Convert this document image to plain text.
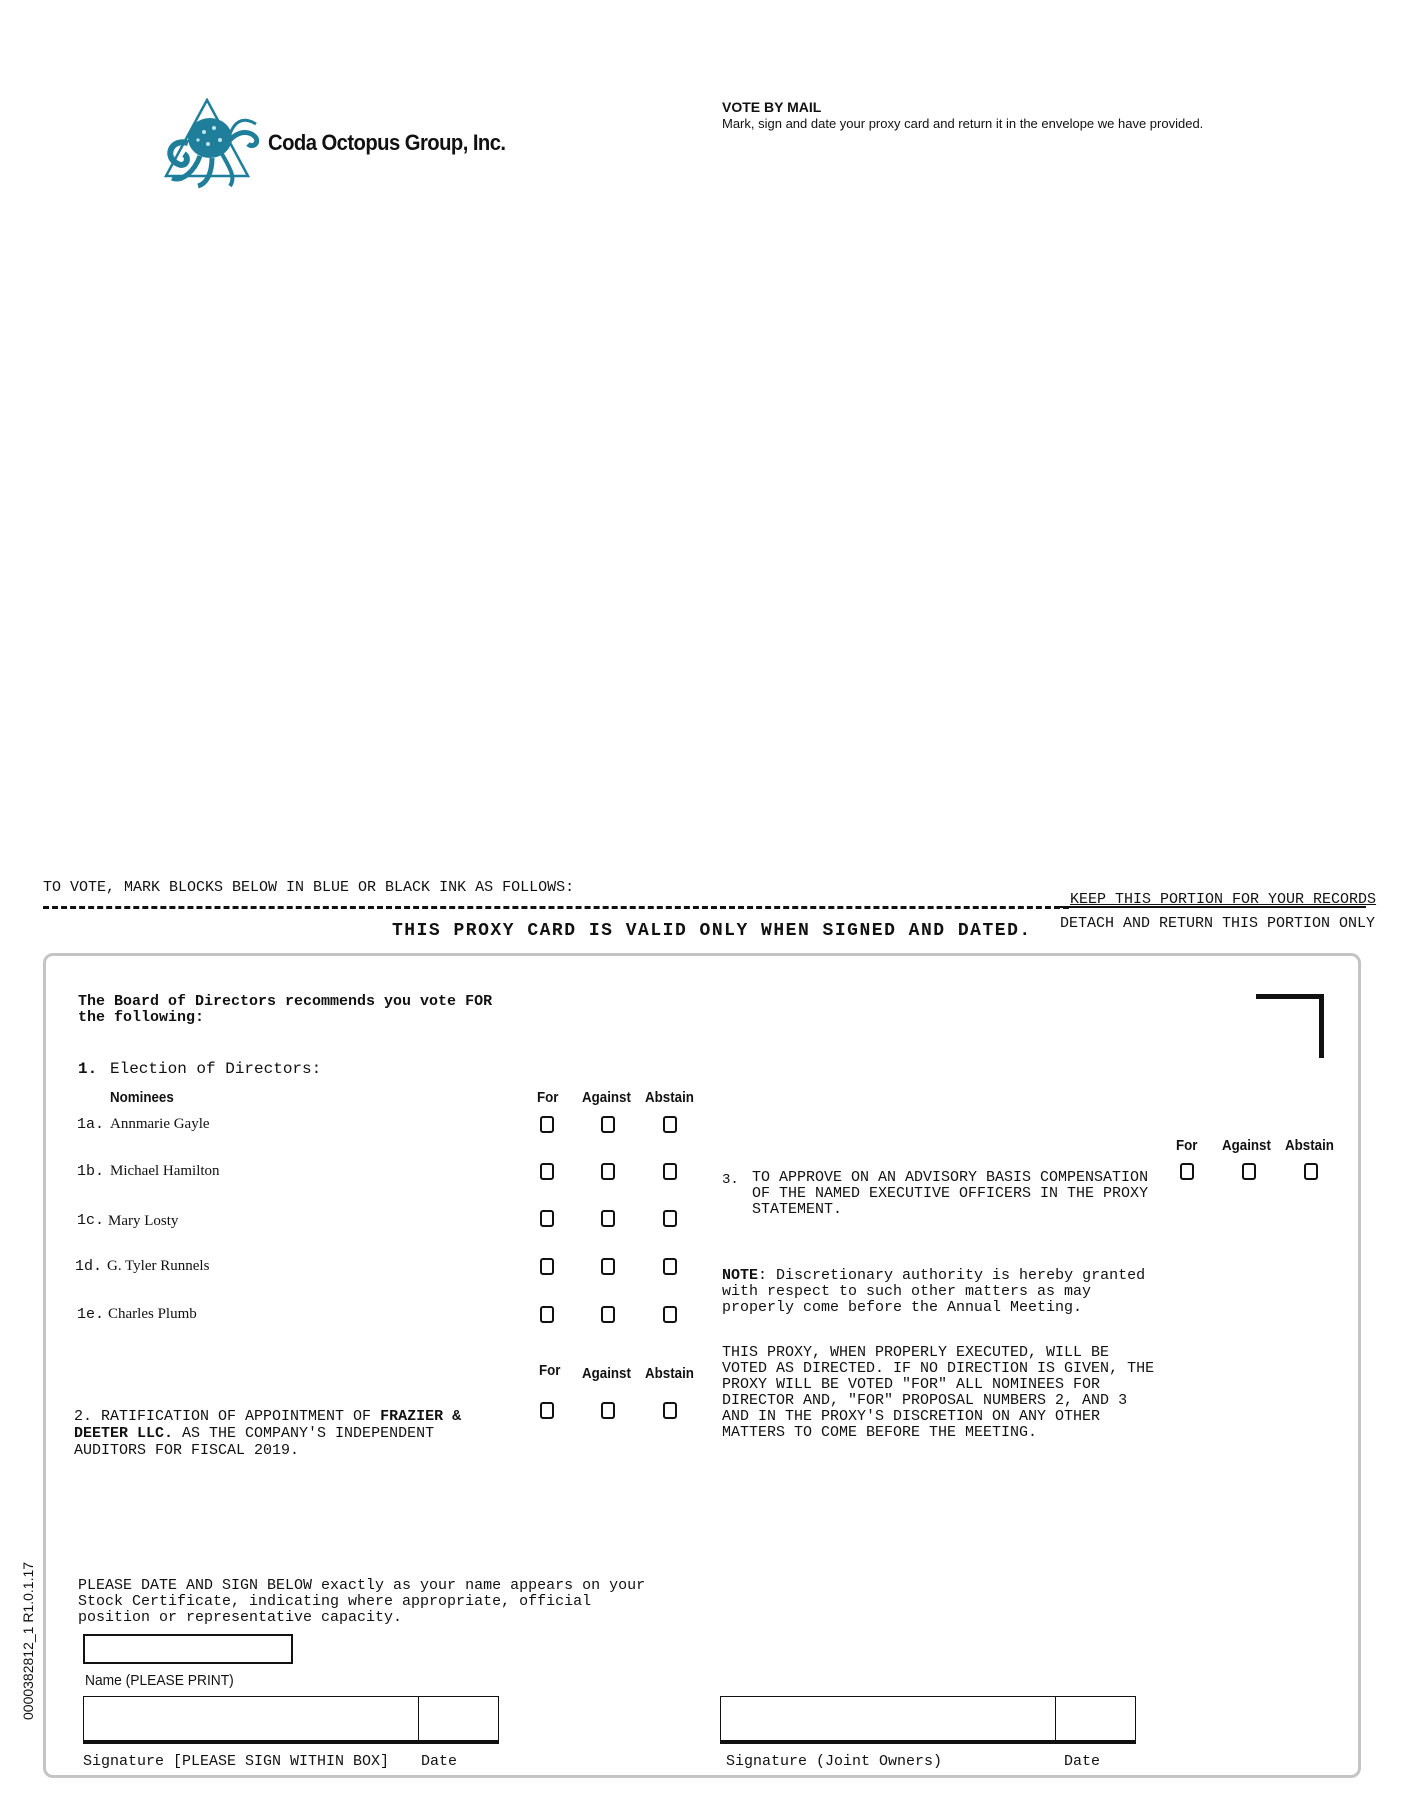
Coda Octopus Group, Inc.
VOTE BY MAIL
Mark, sign and date your proxy card and return it in the envelope we have provided.
TO VOTE, MARK BLOCKS BELOW IN BLUE OR BLACK INK AS FOLLOWS:
KEEP THIS PORTION FOR YOUR RECORDS
THIS PROXY CARD IS VALID ONLY WHEN SIGNED AND DATED. DETACH AND RETURN THIS PORTION ONLY
The Board of Directors recommends you vote FOR the following:
1. Election of Directors:
Nominees	For Against Abstain
1a. Annmarie Gayle
1b. Michael Hamilton
1c. Mary Losty
1d. G. Tyler Runnels
1e. Charles Plumb
For Against Abstain
2. RATIFICATION OF APPOINTMENT OF FRAZIER & DEETER LLC. AS THE COMPANY'S INDEPENDENT AUDITORS FOR FISCAL 2019.
For Against Abstain
3. TO APPROVE ON AN ADVISORY BASIS COMPENSATION OF THE NAMED EXECUTIVE OFFICERS IN THE PROXY STATEMENT.
NOTE: Discretionary authority is hereby granted with respect to such other matters as may properly come before the Annual Meeting.
THIS PROXY, WHEN PROPERLY EXECUTED, WILL BE VOTED AS DIRECTED. IF NO DIRECTION IS GIVEN, THE PROXY WILL BE VOTED "FOR" ALL NOMINEES FOR DIRECTOR AND, "FOR" PROPOSAL NUMBERS 2, AND 3 AND IN THE PROXY'S DISCRETION ON ANY OTHER MATTERS TO COME BEFORE THE MEETING.
PLEASE DATE AND SIGN BELOW exactly as your name appears on your Stock Certificate, indicating where appropriate, official position or representative capacity.
Name (PLEASE PRINT)
Signature [PLEASE SIGN WITHIN BOX] Date	Signature (Joint Owners)	Date
0000382812_1 R1.0.1.17
